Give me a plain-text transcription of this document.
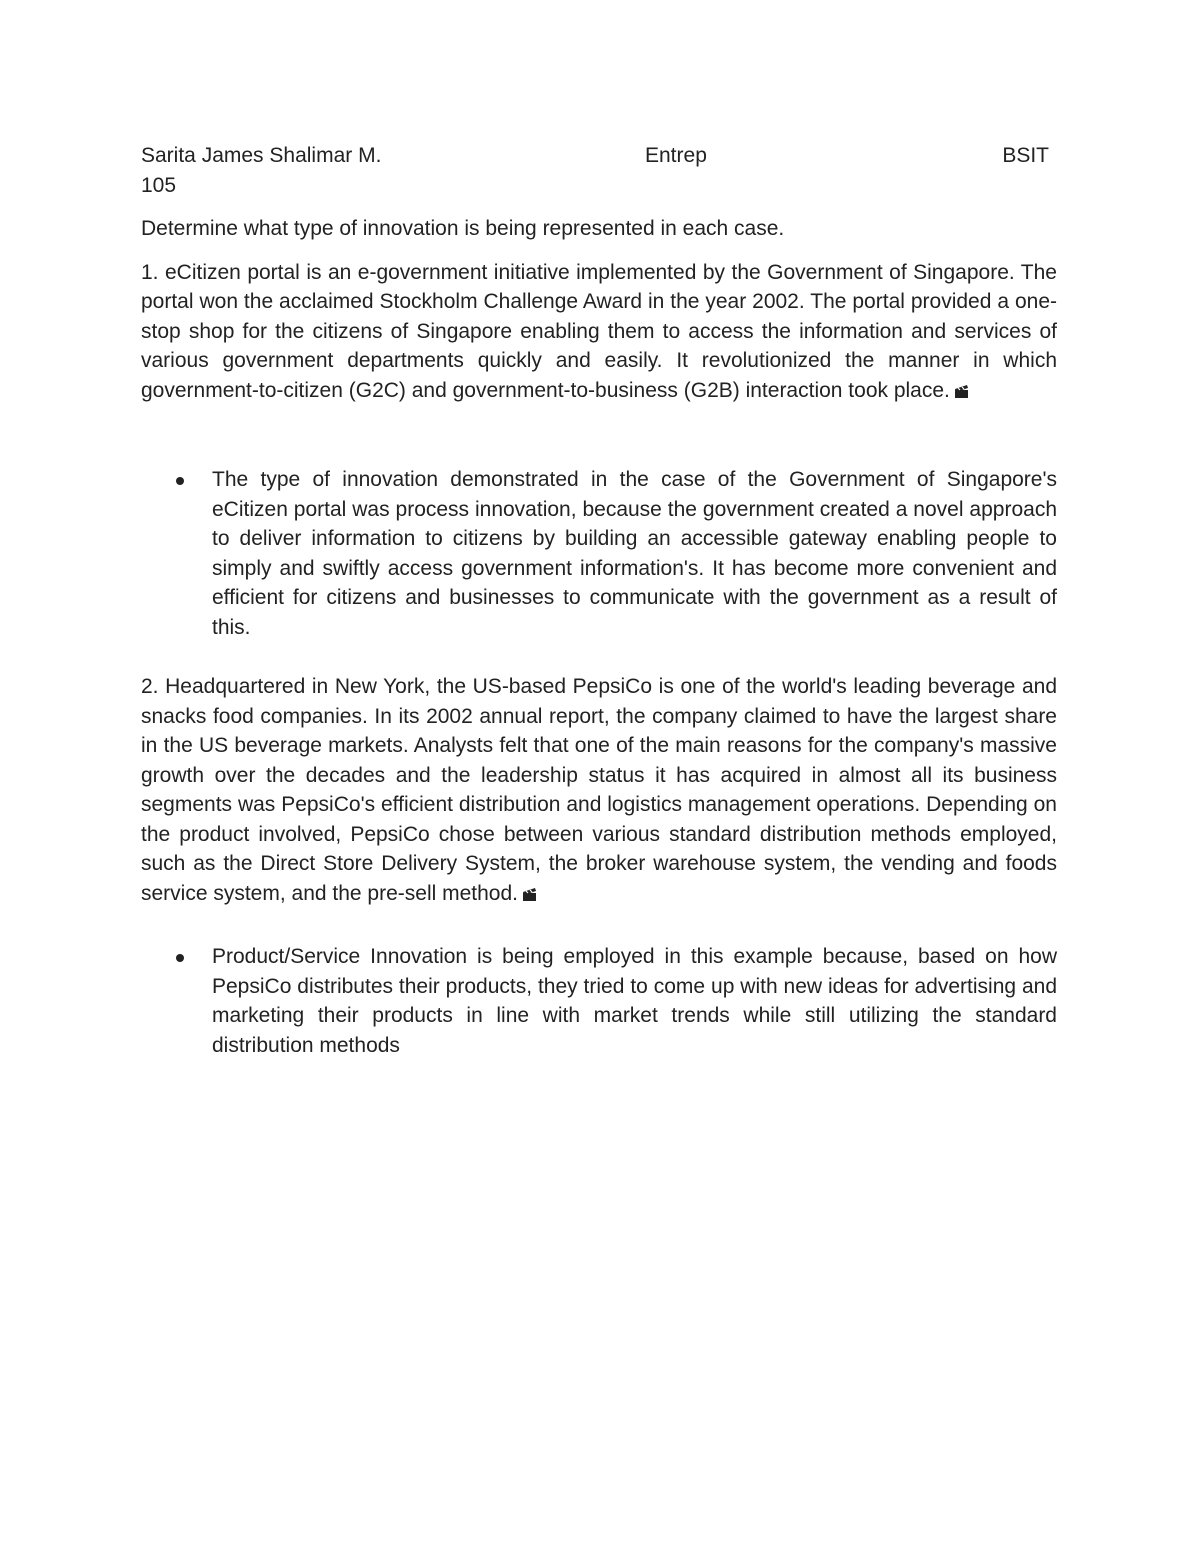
Sarita James Shalimar M.	Entrep	BSIT
105

Determine what type of innovation is being represented in each case.

1. eCitizen portal is an e-government initiative implemented by the Government of Singapore. The portal won the acclaimed Stockholm Challenge Award in the year 2002. The portal provided a one-stop shop for the citizens of Singapore enabling them to access the information and services of various government departments quickly and easily. It revolutionized the manner in which government-to-citizen (G2C) and government-to-business (G2B) interaction took place.

The type of innovation demonstrated in the case of the Government of Singapore's eCitizen portal was process innovation, because the government created a novel approach to deliver information to citizens by building an accessible gateway enabling people to simply and swiftly access government information's. It has become more convenient and efficient for citizens and businesses to communicate with the government as a result of this.

2. Headquartered in New York, the US-based PepsiCo is one of the world's leading beverage and snacks food companies. In its 2002 annual report, the company claimed to have the largest share in the US beverage markets. Analysts felt that one of the main reasons for the company's massive growth over the decades and the leadership status it has acquired in almost all its business segments was PepsiCo's efficient distribution and logistics management operations. Depending on the product involved, PepsiCo chose between various standard distribution methods employed, such as the Direct Store Delivery System, the broker warehouse system, the vending and foods service system, and the pre-sell method.

Product/Service Innovation is being employed in this example because, based on how PepsiCo distributes their products, they tried to come up with new ideas for advertising and marketing their products in line with market trends while still utilizing the standard distribution methods
